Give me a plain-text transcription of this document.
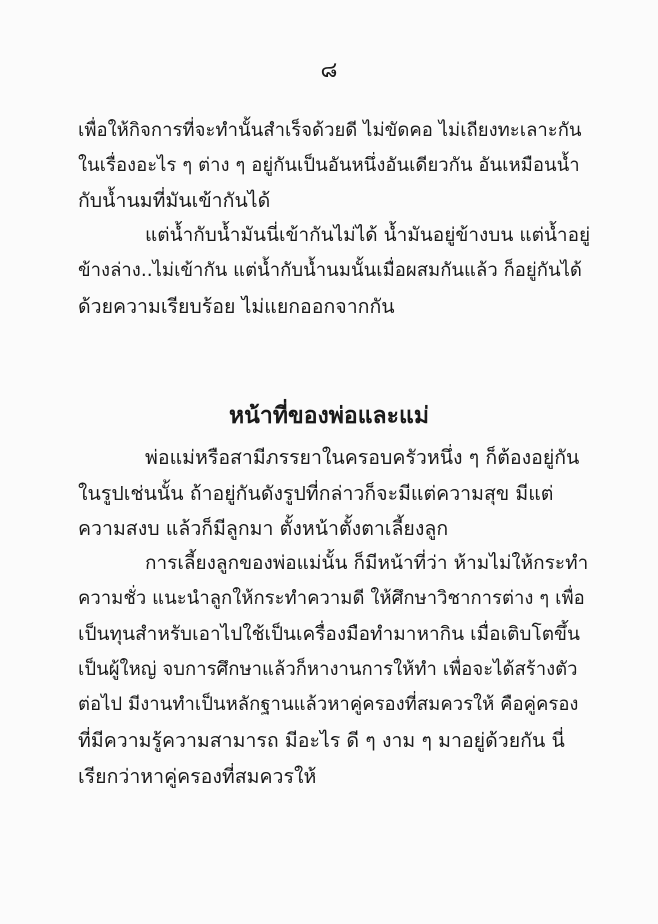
๘
เพื่อให้กิจการที่จะทำนั้นสำเร็จด้วยดี ไม่ขัดคอ ไม่เถียงทะเลาะกัน
ในเรื่องอะไร ๆ ต่าง ๆ อยู่กันเป็นอันหนึ่งอันเดียวกัน อันเหมือนน้ำ
กับน้ำนมที่มันเข้ากันได้
แต่น้ำกับน้ำมันนี่เข้ากันไม่ได้ น้ำมันอยู่ข้างบน แต่น้ำอยู่
ข้างล่าง..ไม่เข้ากัน แต่น้ำกับน้ำนมนั้นเมื่อผสมกันแล้ว ก็อยู่กันได้
ด้วยความเรียบร้อย ไม่แยกออกจากกัน
หน้าที่ของพ่อและแม่
พ่อแม่หรือสามีภรรยาในครอบครัวหนึ่ง ๆ ก็ต้องอยู่กัน
ในรูปเช่นนั้น ถ้าอยู่กันดังรูปที่กล่าวก็จะมีแต่ความสุข มีแต่
ความสงบ แล้วก็มีลูกมา ตั้งหน้าตั้งตาเลี้ยงลูก
การเลี้ยงลูกของพ่อแม่นั้น ก็มีหน้าที่ว่า ห้ามไม่ให้กระทำ
ความชั่ว แนะนำลูกให้กระทำความดี ให้ศึกษาวิชาการต่าง ๆ เพื่อ
เป็นทุนสำหรับเอาไปใช้เป็นเครื่องมือทำมาหากิน เมื่อเติบโตขึ้น
เป็นผู้ใหญ่ จบการศึกษาแล้วก็หางานการให้ทำ เพื่อจะได้สร้างตัว
ต่อไป มีงานทำเป็นหลักฐานแล้วหาคู่ครองที่สมควรให้ คือคู่ครอง
ที่มีความรู้ความสามารถ มีอะไร ดี ๆ งาม ๆ มาอยู่ด้วยกัน นี่
เรียกว่าหาคู่ครองที่สมควรให้
